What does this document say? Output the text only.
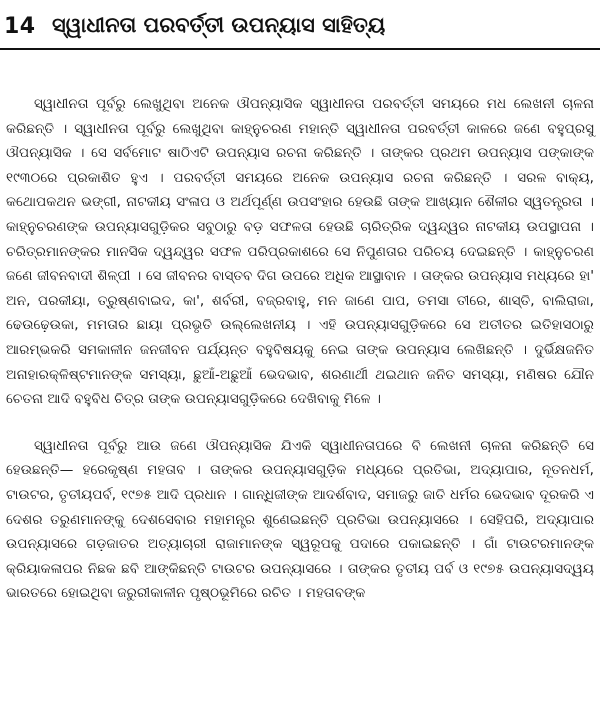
14 ସ୍ୱାଧୀନତା ପରବର୍ତ୍ତୀ ଉପନ୍ୟାସ ସାହିତ୍ୟ

ସ୍ୱାଧୀନତା ପୂର୍ବରୁ ଲେଖୁଥିବା ଅନେକ ଔପନ୍ୟାସିକ ସ୍ୱାଧୀନତା ପରବର୍ତ୍ତୀ ସମୟରେ ମଧ ଲେଖନୀ ଚାଳନା କରିଛନ୍ତି । ସ୍ୱାଧୀନତା ପୂର୍ବରୁ ଲେଖୁଥିବା କାହ୍ନୁଚରଣ ମହାନ୍ତି ସ୍ୱାଧୀନତା ପରବର୍ତ୍ତୀ କାଳରେ ଜଣେ ବହୁପ୍ରସୁ ଔପନ୍ୟାସିକ । ସେ ସର୍ବମୋଟ ଷାଠିଏଟି ଉପନ୍ୟାସ ରଚନା କରିଛନ୍ତି । ତାଙ୍କର ପ୍ରଥମ ଉପନ୍ୟାସ ପଙ୍କାଙ୍କ ୧୯୩୦ରେ ପ୍ରକାଶିତ ହୁଏ । ପରବର୍ତ୍ତୀ ସମୟରେ ଅନେକ ଉପନ୍ୟାସ ରଚନା କରିଛନ୍ତି । ସରଳ ବାକ୍ୟ, କଥୋପକଥନ ଭଙ୍ଗୀ, ନାଟକୀୟ ସଂଳାପ ଓ ଅର୍ଥପୂର୍ଣ୍ଣ ଉପସଂହାର ହେଉଛି ତାଙ୍କ ଆଖ୍ୟାନ ଶୈଳୀର ସ୍ୱତନ୍ତ୍ରତା । କାହ୍ନୁଚରଣଙ୍କ ଉପନ୍ୟାସଗୁଡ଼ିକର ସବୁଠାରୁ ବଡ଼ ସଫଳତା ହେଉଛି ଚାରିତ୍ରିକ ଦ୍ୱନ୍ଦ୍ୱର ନାଟକୀୟ ଉପସ୍ଥାପନା । ଚରିତ୍ରମାନଙ୍କର ମାନସିକ ଦ୍ୱନ୍ଦ୍ୱର ସଫଳ ପରିପ୍ରକାଶରେ ସେ ନିପୁଣତାର ପରିଚୟ ଦେଇଛନ୍ତି । କାହ୍ନୁଚରଣ ଜଣେ ଜୀବନବାଦୀ ଶିଳ୍ପୀ । ସେ ଜୀବନର ବାସ୍ତବ ଦିଗ ଉପରେ ଅଧିକ ଆସ୍ଥାବାନ । ତାଙ୍କର ଉପନ୍ୟାସ ମଧ୍ୟରେ ହା' ଅନ, ପରକୀୟା, ତ୍ରୁଷ୍ଣବାଇଦ, କା', ଶର୍ବରୀ, ବଜ୍ରବାହୁ, ମନ ଜାଣେ ପାପ, ତମସା ତୀରେ, ଶାସ୍ତି, ବାଲିରାଜା, ଢେଉଢ଼େଉକା, ମମତାର ଛାୟା ପ୍ରଭୃତି ଉଲ୍ଲେଖନୀୟ । ଏହି ଉପନ୍ୟାସଗୁଡ଼ିକରେ ସେ ଅତୀତର ଇତିହାସଠାରୁ ଆରମ୍ଭକରି ସମକାଳୀନ ଜନଜୀବନ ପର୍ଯ୍ୟନ୍ତ ବହୁବିଷୟକୁ ନେଇ ତାଙ୍କ ଉପନ୍ୟାସ ଲେଖିଛନ୍ତି । ଦୁର୍ଭିକ୍ଷଜନିତ ଅନାହାରକ୍ଳିଷ୍ଟମାନଙ୍କ ସମସ୍ୟା, ଛୁଆଁ-ଅଛୁଆଁ ଭେଦଭାବ, ଶରଣାର୍ଥୀ ଥଇଥାନ ଜନିତ ସମସ୍ୟା, ମଣିଷର ଯୌନ ଚେତନା ଆଦି ବହୁବିଧ ଚିତ୍ର ତାଙ୍କ ଉପନ୍ୟାସଗୁଡ଼ିକରେ ଦେଖିବାକୁ ମିଳେ ।

ସ୍ୱାଧୀନତା ପୂର୍ବରୁ ଆଉ ଜଣେ ଔପନ୍ୟାସିକ ଯିଏକି ସ୍ୱାଧୀନତାପରେ ବି ଲେଖନୀ ଚାଳନା କରିଛନ୍ତି ସେ ହେଉଛନ୍ତି— ହରେକୃଷ୍ଣ ମହତାବ । ତାଙ୍କର ଉପନ୍ୟାସଗୁଡ଼ିକ ମଧ୍ୟରେ ପ୍ରତିଭା, ଅଦ୍ୟାପାର, ନୂତନଧର୍ମ, ଟାଉଟର, ତୃତୀୟପର୍ବ, ୧୯୭୫ ଆଦି ପ୍ରଧାନ । ଗାନ୍ଧିଜୀଙ୍କ ଆଦର୍ଶବାଦ, ସମାଜରୁ ଜାତି ଧର୍ମର ଭେଦଭାବ ଦୂରକରି ଏ ଦେଶର ତରୁଣମାନଙ୍କୁ ଦେଶସେବାର ମହାମନ୍ତ୍ର ଶୁଣେଇଛନ୍ତି ପ୍ରତିଭା ଉପନ୍ୟାସରେ । ସେହିପରି, ଅଦ୍ୟାପାର ଉପନ୍ୟାସରେ ଗଡ଼ଜାତର ଅତ୍ୟାଚାରୀ ରାଜାମାନଙ୍କ ସ୍ୱରୂପକୁ ପଦାରେ ପକାଇଛନ୍ତି । ଗାଁ ଟାଉଟରମାନଙ୍କ କ୍ରିୟାକଳାପର ନିଛକ ଛବି ଆଙ୍କିଛନ୍ତି ଟାଉଟର ଉପନ୍ୟାସରେ । ତାଙ୍କର ତୃତୀୟ ପର୍ବ ଓ ୧୯୭୫ ଉପନ୍ୟାସଦ୍ୱୟ ଭାରତରେ ହୋଇଥିବା ଜରୁରୀକାଳୀନ ପୃଷ୍ଠଭୂମିରେ ରଚିତ । ମହତାବଙ୍କ
